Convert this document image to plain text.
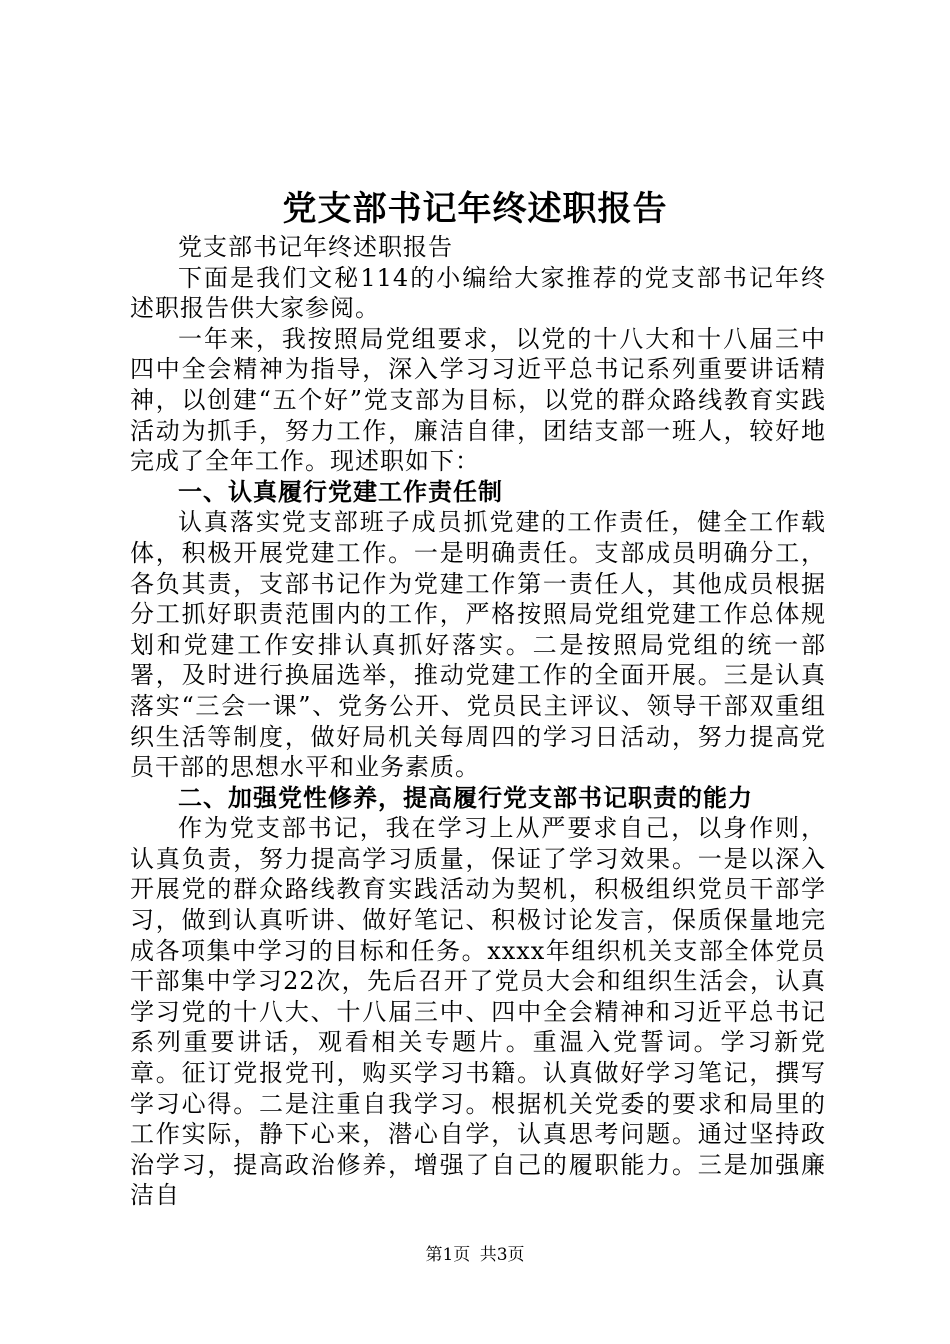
党支部书记年终述职报告

党支部书记年终述职报告

下面是我们文秘114的小编给大家推荐的党支部书记年终述职报告供大家参阅。

一年来，我按照局党组要求，以党的十八大和十八届三中四中全会精神为指导，深入学习习近平总书记系列重要讲话精神，以创建“五个好”党支部为目标，以党的群众路线教育实践活动为抓手，努力工作，廉洁自律，团结支部一班人，较好地完成了全年工作。现述职如下：

一、认真履行党建工作责任制

认真落实党支部班子成员抓党建的工作责任，健全工作载体，积极开展党建工作。一是明确责任。支部成员明确分工，各负其责，支部书记作为党建工作第一责任人，其他成员根据分工抓好职责范围内的工作，严格按照局党组党建工作总体规划和党建工作安排认真抓好落实。二是按照局党组的统一部署，及时进行换届选举，推动党建工作的全面开展。三是认真落实“三会一课”、党务公开、党员民主评议、领导干部双重组织生活等制度，做好局机关每周四的学习日活动，努力提高党员干部的思想水平和业务素质。

二、加强党性修养，提高履行党支部书记职责的能力

作为党支部书记，我在学习上从严要求自己，以身作则，认真负责，努力提高学习质量，保证了学习效果。一是以深入开展党的群众路线教育实践活动为契机，积极组织党员干部学习，做到认真听讲、做好笔记、积极讨论发言，保质保量地完成各项集中学习的目标和任务。xxxx年组织机关支部全体党员干部集中学习22次，先后召开了党员大会和组织生活会，认真学习党的十八大、十八届三中、四中全会精神和习近平总书记系列重要讲话，观看相关专题片。重温入党誓词。学习新党章。征订党报党刊，购买学习书籍。认真做好学习笔记，撰写学习心得。二是注重自我学习。根据机关党委的要求和局里的工作实际，静下心来，潜心自学，认真思考问题。通过坚持政治学习，提高政治修养，增强了自己的履职能力。三是加强廉洁自

第1页 共3页
